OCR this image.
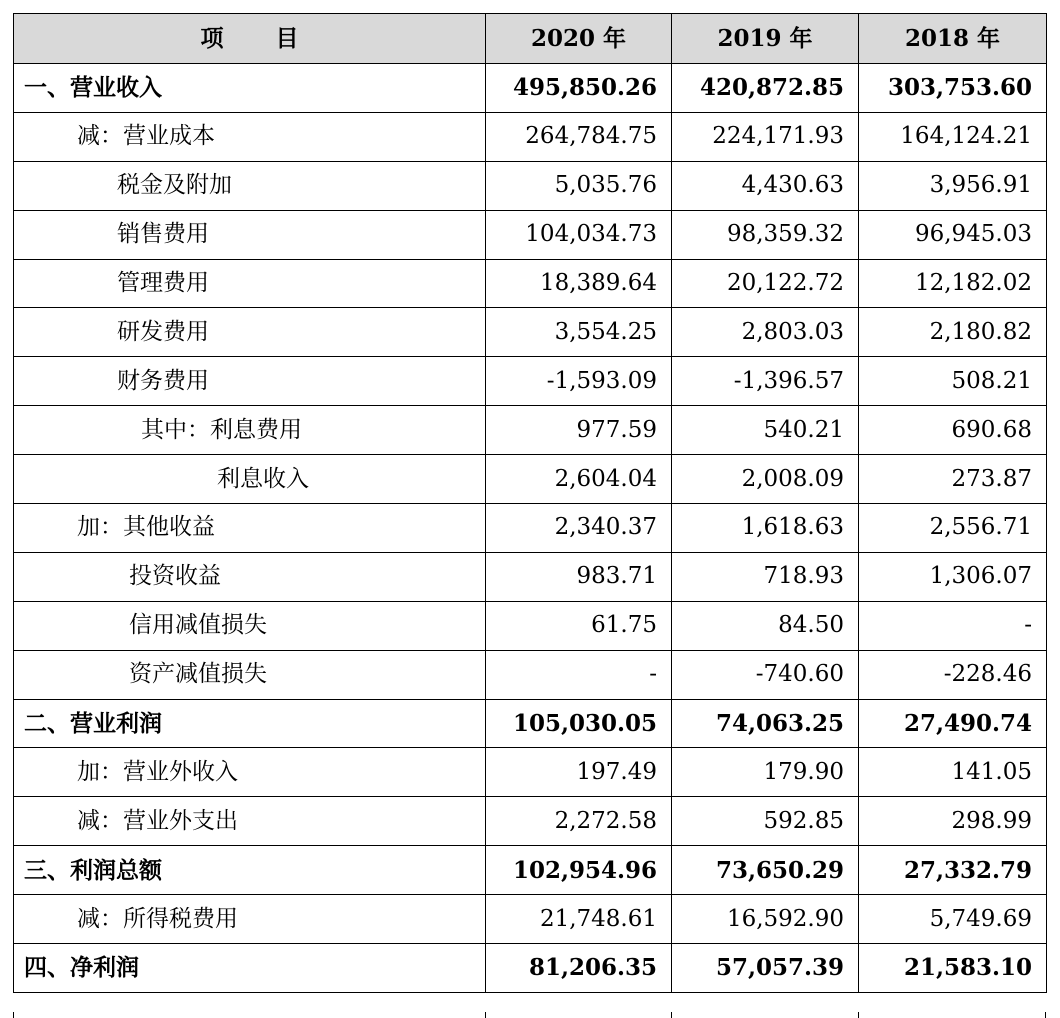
项目	2020 年	2019 年	2018 年
一、营业收入	495,850.26	420,872.85	303,753.60
减：营业成本	264,784.75	224,171.93	164,124.21
税金及附加	5,035.76	4,430.63	3,956.91
销售费用	104,034.73	98,359.32	96,945.03
管理费用	18,389.64	20,122.72	12,182.02
研发费用	3,554.25	2,803.03	2,180.82
财务费用	-1,593.09	-1,396.57	508.21
其中：利息费用	977.59	540.21	690.68
利息收入	2,604.04	2,008.09	273.87
加：其他收益	2,340.37	1,618.63	2,556.71
投资收益	983.71	718.93	1,306.07
信用减值损失	61.75	84.50	-
资产减值损失	-	-740.60	-228.46
二、营业利润	105,030.05	74,063.25	27,490.74
加：营业外收入	197.49	179.90	141.05
减：营业外支出	2,272.58	592.85	298.99
三、利润总额	102,954.96	73,650.29	27,332.79
减：所得税费用	21,748.61	16,592.90	5,749.69
四、净利润	81,206.35	57,057.39	21,583.10
